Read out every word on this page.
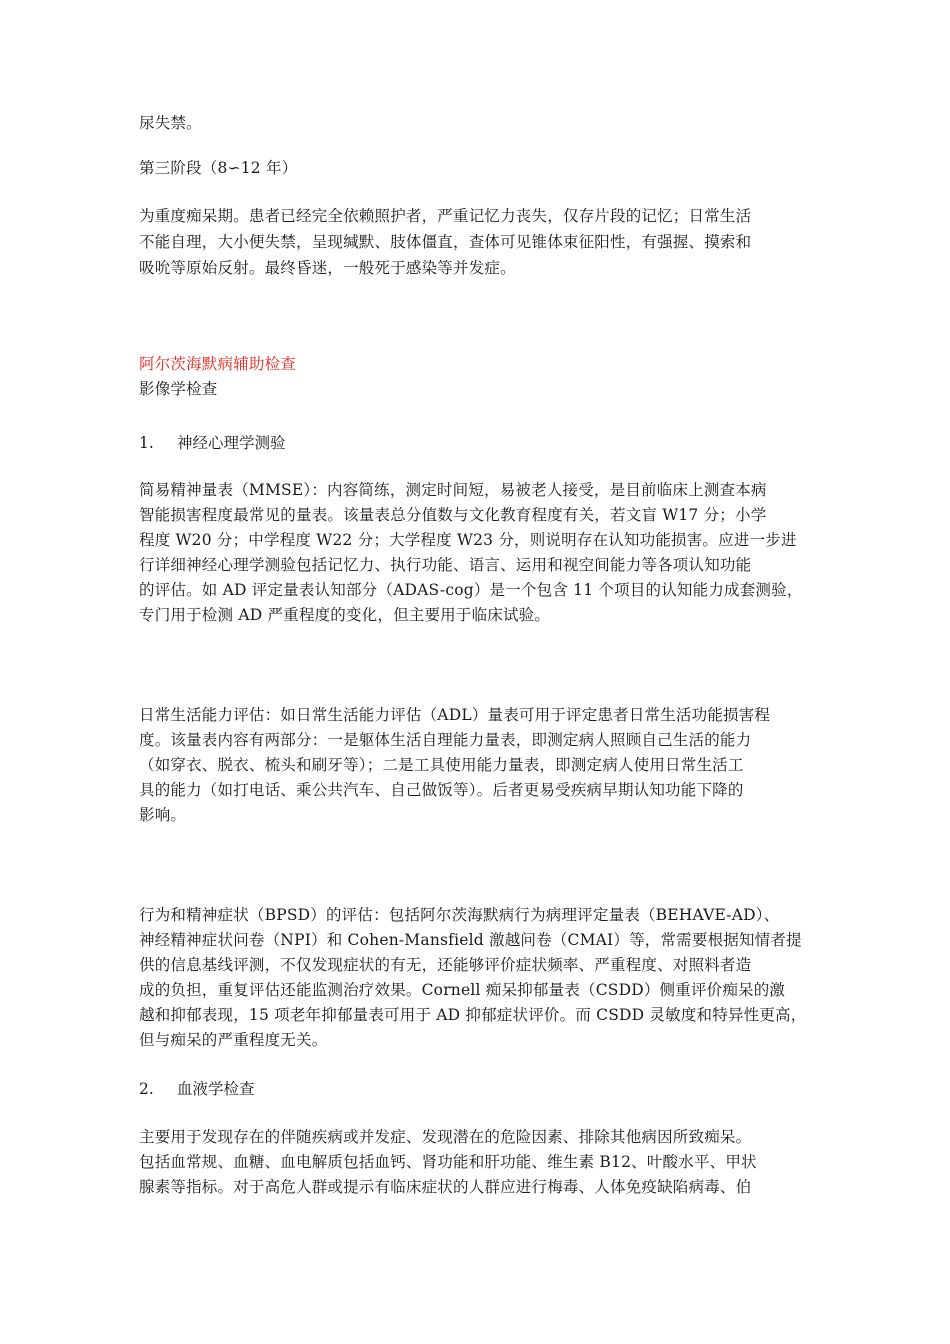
尿失禁。
第三阶段（8∽12 年）
为重度痴呆期。患者已经完全依赖照护者，严重记忆力丧失，仅存片段的记忆；日常生活
不能自理，大小便失禁，呈现缄默、肢体僵直，查体可见锥体束征阳性，有强握、摸索和
吸吮等原始反射。最终昏迷，一般死于感染等并发症。
阿尔茨海默病辅助检查
影像学检查
1. 神经心理学测验
简易精神量表（MMSE）：内容简练，测定时间短，易被老人接受，是目前临床上测查本病
智能损害程度最常见的量表。该量表总分值数与文化教育程度有关，若文盲 W17 分；小学
程度 W20 分；中学程度 W22 分；大学程度 W23 分，则说明存在认知功能损害。应进一步进
行详细神经心理学测验包括记忆力、执行功能、语言、运用和视空间能力等各项认知功能
的评估。如 AD 评定量表认知部分（ADAS-cog）是一个包含 11 个项目的认知能力成套测验，
专门用于检测 AD 严重程度的变化，但主要用于临床试验。
日常生活能力评估：如日常生活能力评估（ADL）量表可用于评定患者日常生活功能损害程
度。该量表内容有两部分：一是躯体生活自理能力量表，即测定病人照顾自己生活的能力
（如穿衣、脱衣、梳头和刷牙等）；二是工具使用能力量表，即测定病人使用日常生活工
具的能力（如打电话、乘公共汽车、自己做饭等）。后者更易受疾病早期认知功能下降的
影响。
行为和精神症状（BPSD）的评估：包括阿尔茨海默病行为病理评定量表（BEHAVE-AD）、
神经精神症状问卷（NPI）和 Cohen-Mansfield 激越问卷（CMAI）等，常需要根据知情者提
供的信息基线评测，不仅发现症状的有无，还能够评价症状频率、严重程度、对照料者造
成的负担，重复评估还能监测治疗效果。Cornell 痴呆抑郁量表（CSDD）侧重评价痴呆的激
越和抑郁表现，15 项老年抑郁量表可用于 AD 抑郁症状评价。而 CSDD 灵敏度和特异性更高，
但与痴呆的严重程度无关。
2. 血液学检查
主要用于发现存在的伴随疾病或并发症、发现潜在的危险因素、排除其他病因所致痴呆。
包括血常规、血糖、血电解质包括血钙、肾功能和肝功能、维生素 B12、叶酸水平、甲状
腺素等指标。对于高危人群或提示有临床症状的人群应进行梅毒、人体免疫缺陷病毒、伯
